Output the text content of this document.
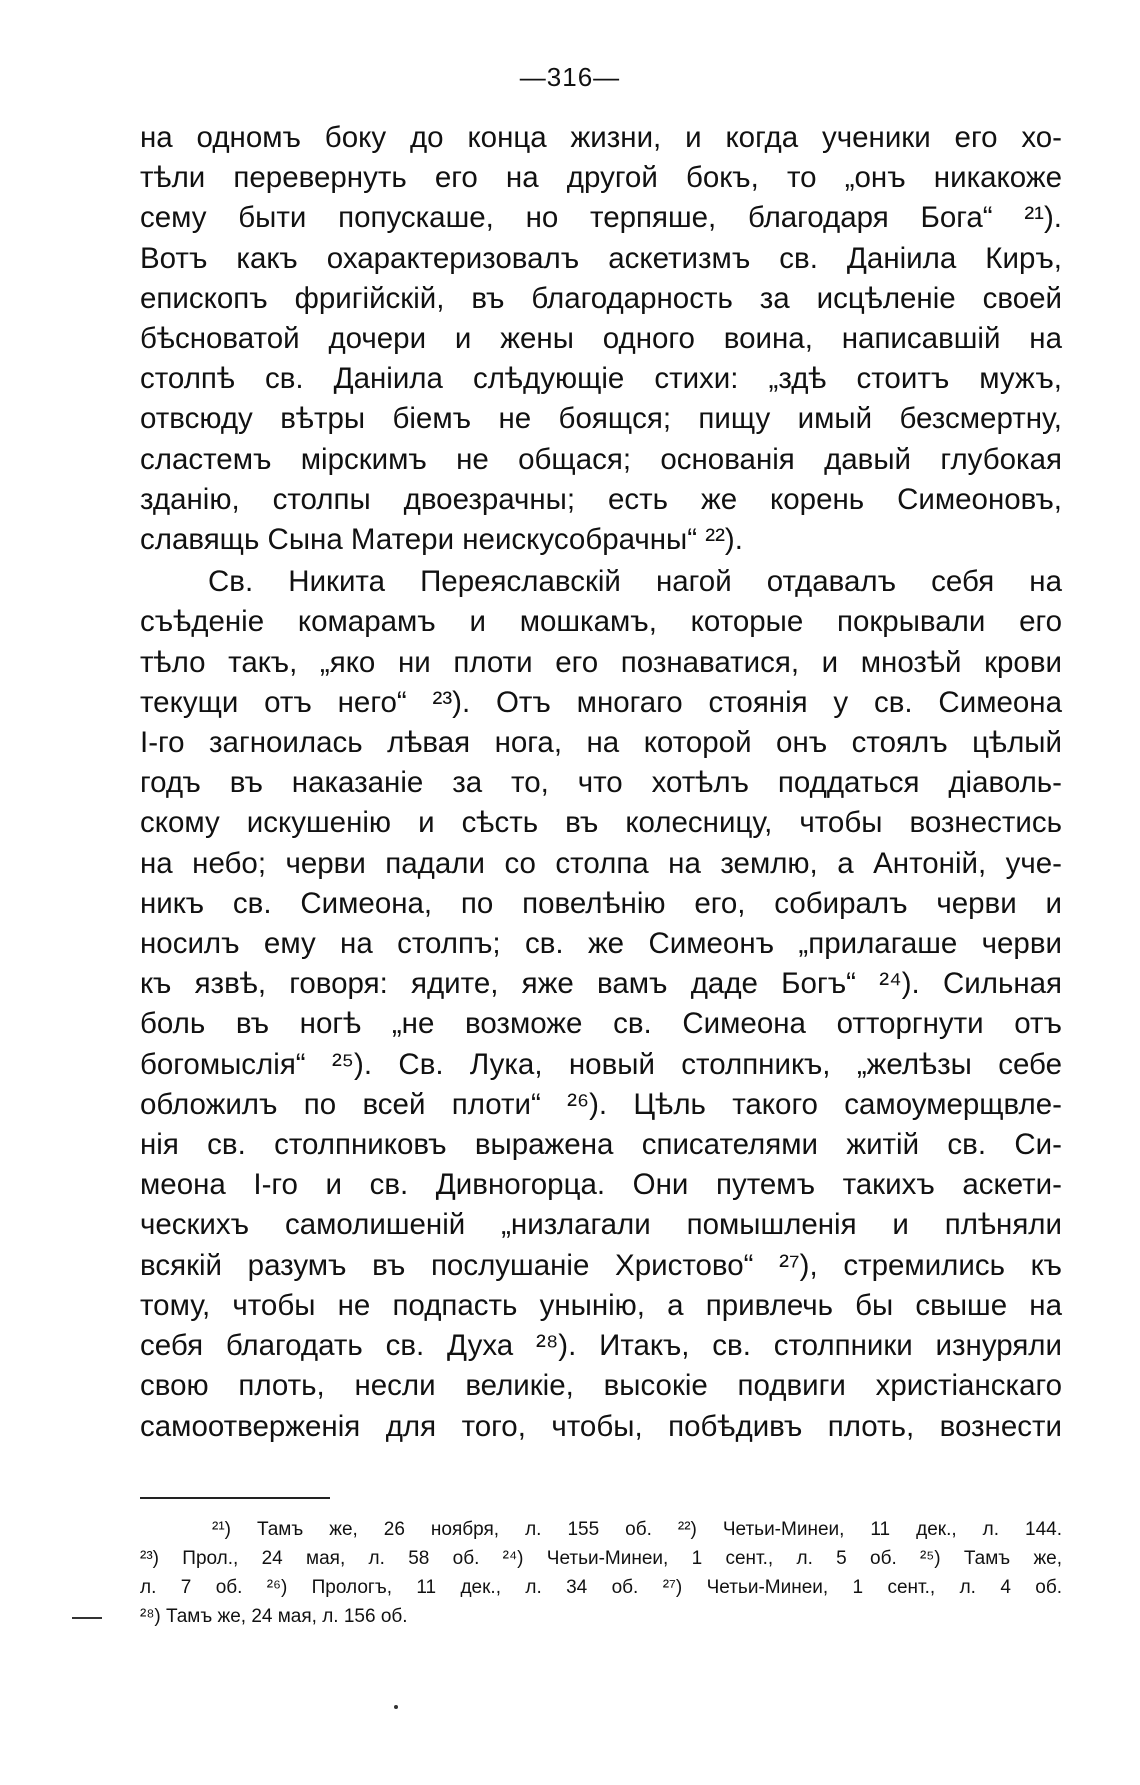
—316—
на одномъ боку до конца жизни, и когда ученики его хо-
тѣли перевернуть его на другой бокъ, то „онъ никакоже
сему быти попускаше, но терпяше, благодаря Бога“ ²¹).
Вотъ какъ охарактеризовалъ аскетизмъ св. Даніила Киръ,
епископъ фригійскій, въ благодарность за исцѣленіе своей
бѣсноватой дочери и жены одного воина, написавшій на
столпѣ св. Даніила слѣдующіе стихи: „здѣ стоитъ мужъ,
отвсюду вѣтры біемъ не боящся; пищу имый безсмертну,
сластемъ мірскимъ не общася; основанія давый глубокая
зданію, столпы двоезрачны; есть же корень Симеоновъ,
славящь Сына Матери неискусобрачны“ ²²).
Св. Никита Переяславскій нагой отдавалъ себя на
съѣденіе комарамъ и мошкамъ, которые покрывали его
тѣло такъ, „яко ни плоти его познаватися, и мнозѣй крови
текущи отъ него“ ²³). Отъ многаго стоянія у св. Симеона
І-го загноилась лѣвая нога, на которой онъ стоялъ цѣлый
годъ въ наказаніе за то, что хотѣлъ поддаться діаволь-
скому искушенію и сѣсть въ колесницу, чтобы вознестись
на небо; черви падали со столпа на землю, а Антоній, уче-
никъ св. Симеона, по повелѣнію его, собиралъ черви и
носилъ ему на столпъ; св. же Симеонъ „прилагаше черви
къ язвѣ, говоря: ядите, яже вамъ даде Богъ“ ²⁴). Сильная
боль въ ногѣ „не возможе св. Симеона отторгнути отъ
богомыслія“ ²⁵). Св. Лука, новый столпникъ, „желѣзы себе
обложилъ по всей плоти“ ²⁶). Цѣль такого самоумерщвле-
нія св. столпниковъ выражена списателями житій св. Си-
меона І-го и св. Дивногорца. Они путемъ такихъ аскети-
ческихъ самолишеній „низлагали помышленія и плѣняли
всякій разумъ въ послушаніе Христово“ ²⁷), стремились къ
тому, чтобы не подпасть унынію, а привлечь бы свыше на
себя благодать св. Духа ²⁸). Итакъ, св. столпники изнуряли
свою плоть, несли великіе, высокіе подвиги христіанскаго
самоотверженія для того, чтобы, побѣдивъ плоть, вознести
²¹) Тамъ же, 26 ноября, л. 155 об. ²²) Четьи-Минеи, 11 дек., л. 144.
²³) Прол., 24 мая, л. 58 об. ²⁴) Четьи-Минеи, 1 сент., л. 5 об. ²⁵) Тамъ же,
л. 7 об. ²⁶) Прологъ, 11 дек., л. 34 об. ²⁷) Четьи-Минеи, 1 сент., л. 4 об.
²⁸) Тамъ же, 24 мая, л. 156 об.
